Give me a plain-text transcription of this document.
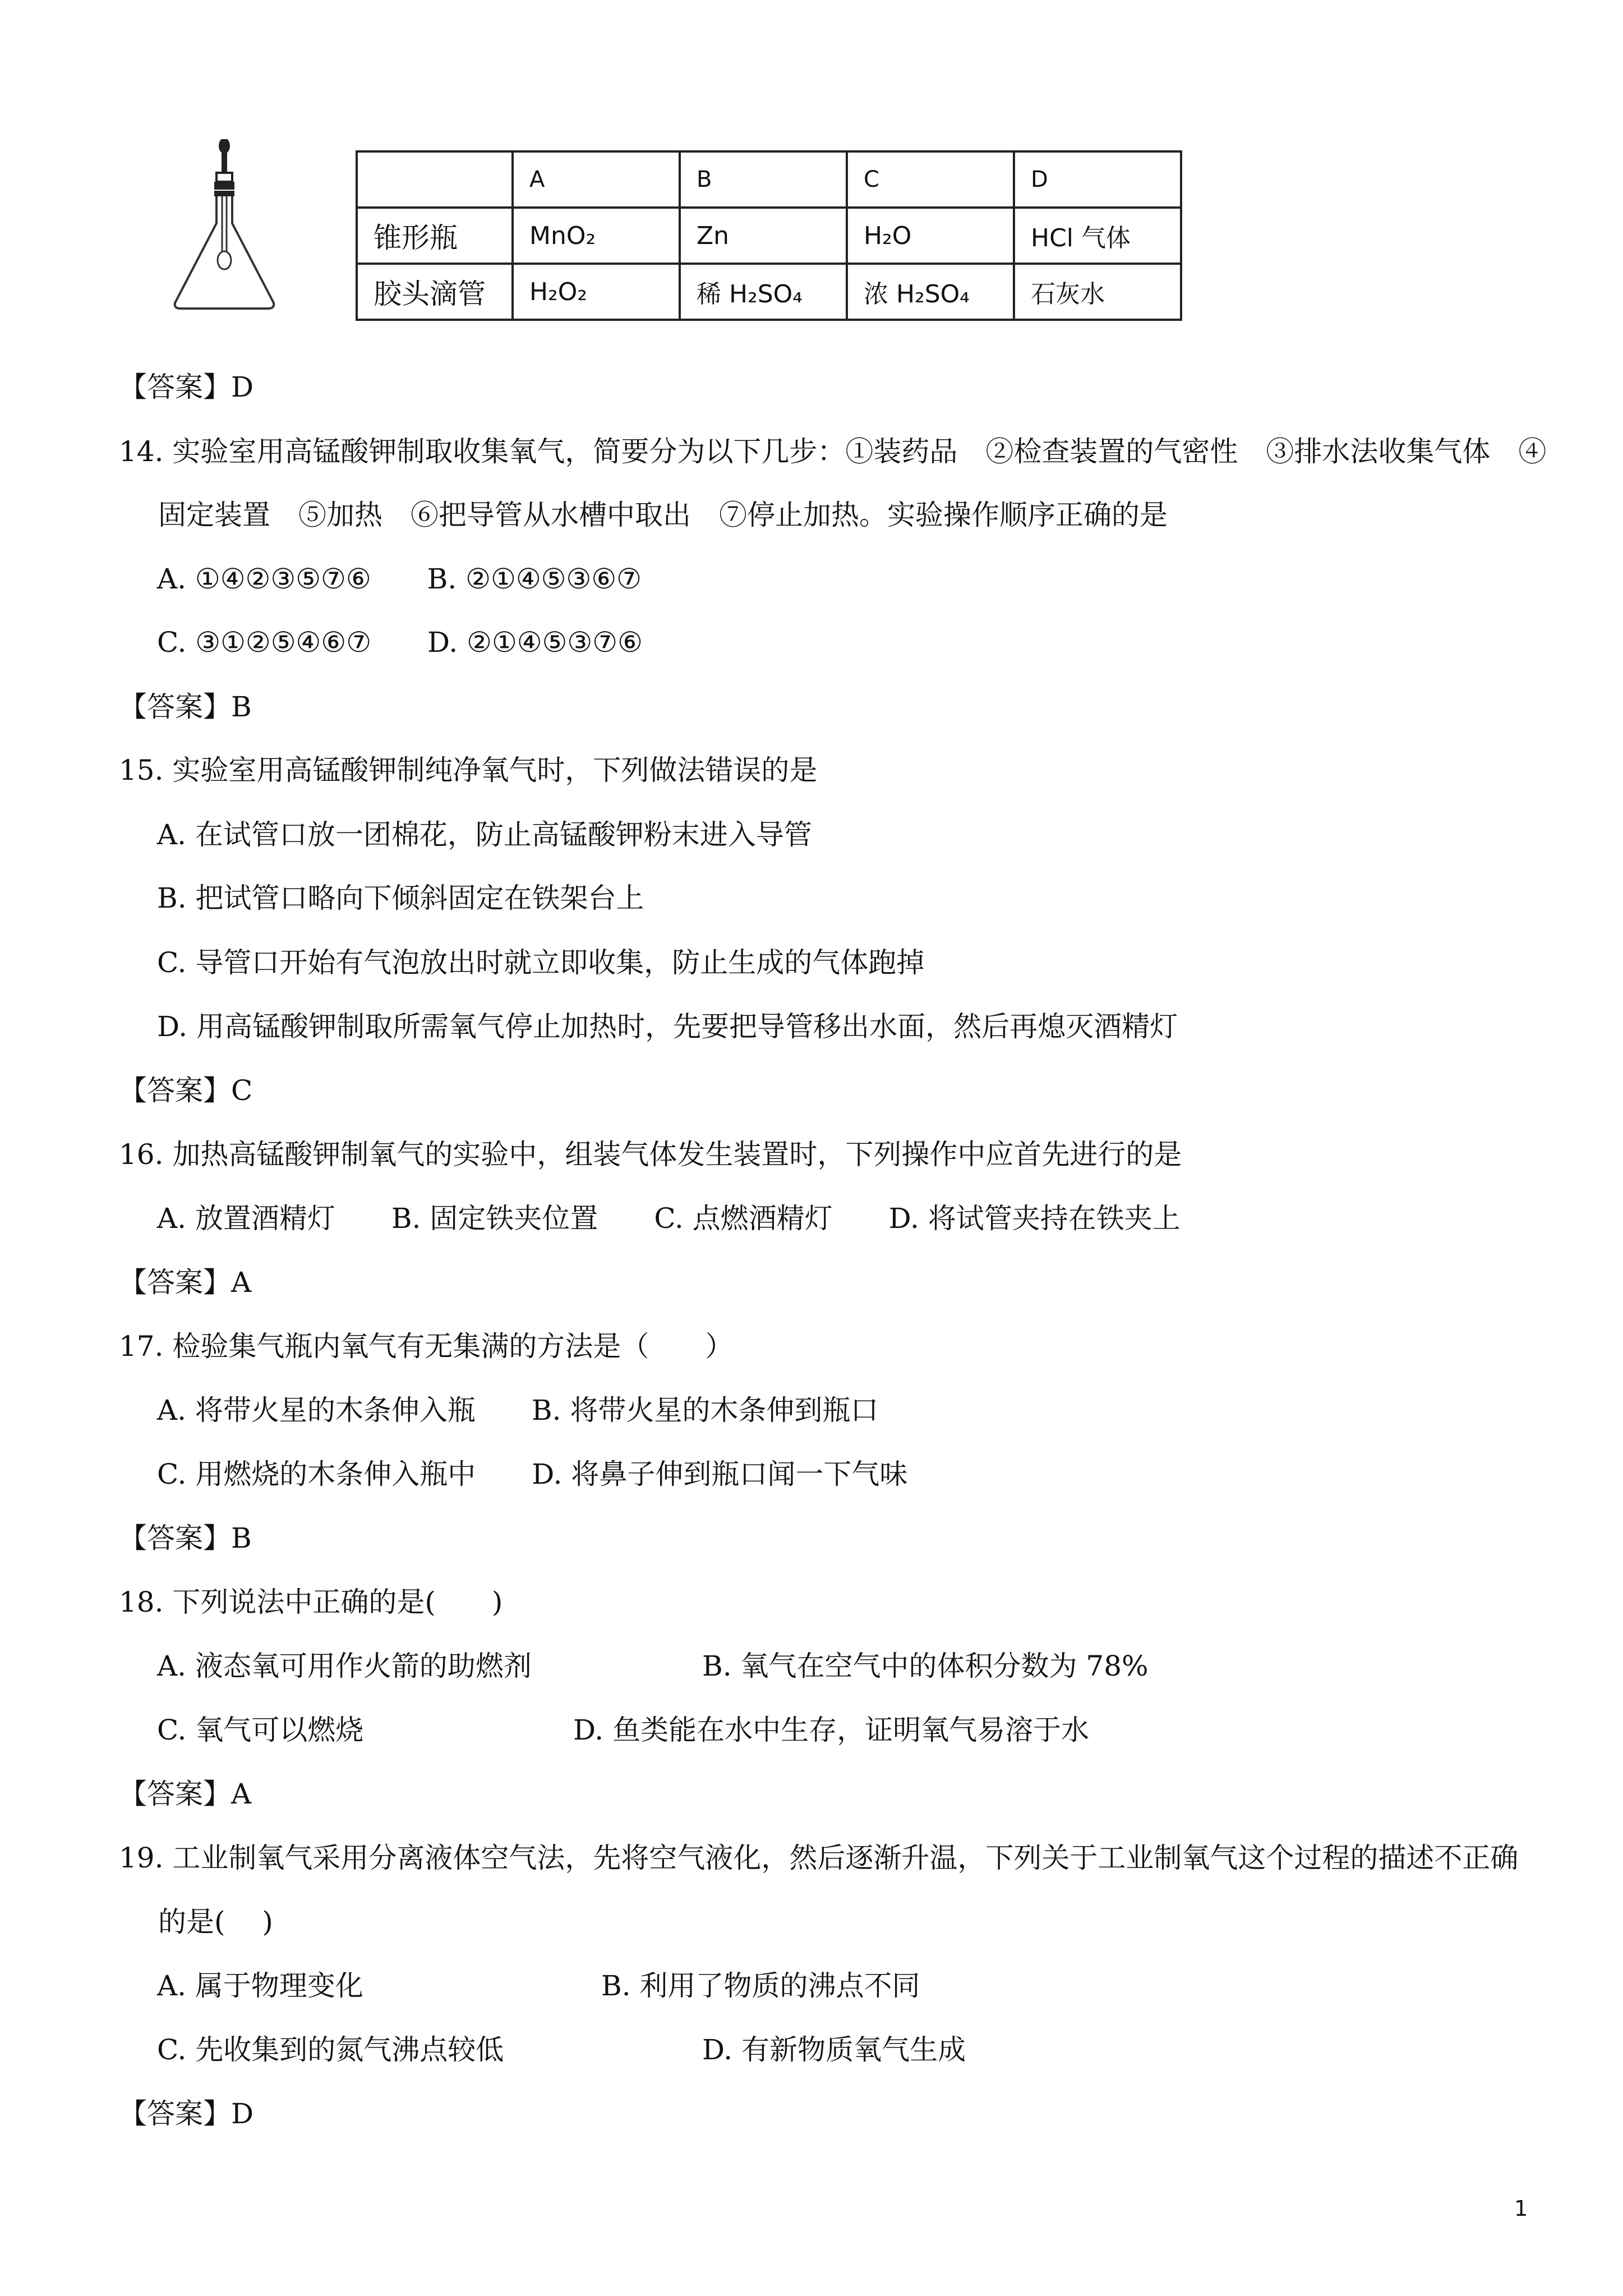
	A	B	C	D
锥形瓶	MnO₂	Zn	H₂O	HCl 气体
胶头滴管	H₂O₂	稀 H₂SO₄	浓 H₂SO₄	石灰水
【答案】D
14. 实验室用高锰酸钾制取收集氧气，简要分为以下几步：①装药品　②检查装置的气密性　③排水法收集气体　④
固定装置　⑤加热　⑥把导管从水槽中取出　⑦停止加热。实验操作顺序正确的是
A. ①④②③⑤⑦⑥　　B. ②①④⑤③⑥⑦
C. ③①②⑤④⑥⑦　　D. ②①④⑤③⑦⑥
【答案】B
15. 实验室用高锰酸钾制纯净氧气时，下列做法错误的是
A. 在试管口放一团棉花，防止高锰酸钾粉末进入导管
B. 把试管口略向下倾斜固定在铁架台上
C. 导管口开始有气泡放出时就立即收集，防止生成的气体跑掉
D. 用高锰酸钾制取所需氧气停止加热时，先要把导管移出水面，然后再熄灭酒精灯
【答案】C
16. 加热高锰酸钾制氧气的实验中，组装气体发生装置时，下列操作中应首先进行的是
A. 放置酒精灯　　B. 固定铁夹位置　　C. 点燃酒精灯　　D. 将试管夹持在铁夹上
【答案】A
17. 检验集气瓶内氧气有无集满的方法是（　　）
A. 将带火星的木条伸入瓶　　B. 将带火星的木条伸到瓶口
C. 用燃烧的木条伸入瓶中　　D. 将鼻子伸到瓶口闻一下气味
【答案】B
18. 下列说法中正确的是(　　)
A. 液态氧可用作火箭的助燃剂	B. 氧气在空气中的体积分数为 78%
C. 氧气可以燃烧	D. 鱼类能在水中生存，证明氧气易溶于水
【答案】A
19. 工业制氧气采用分离液体空气法，先将空气液化，然后逐渐升温，下列关于工业制氧气这个过程的描述不正确
的是(　 )
A. 属于物理变化	B. 利用了物质的沸点不同
C. 先收集到的氮气沸点较低	D. 有新物质氧气生成
【答案】D
1
